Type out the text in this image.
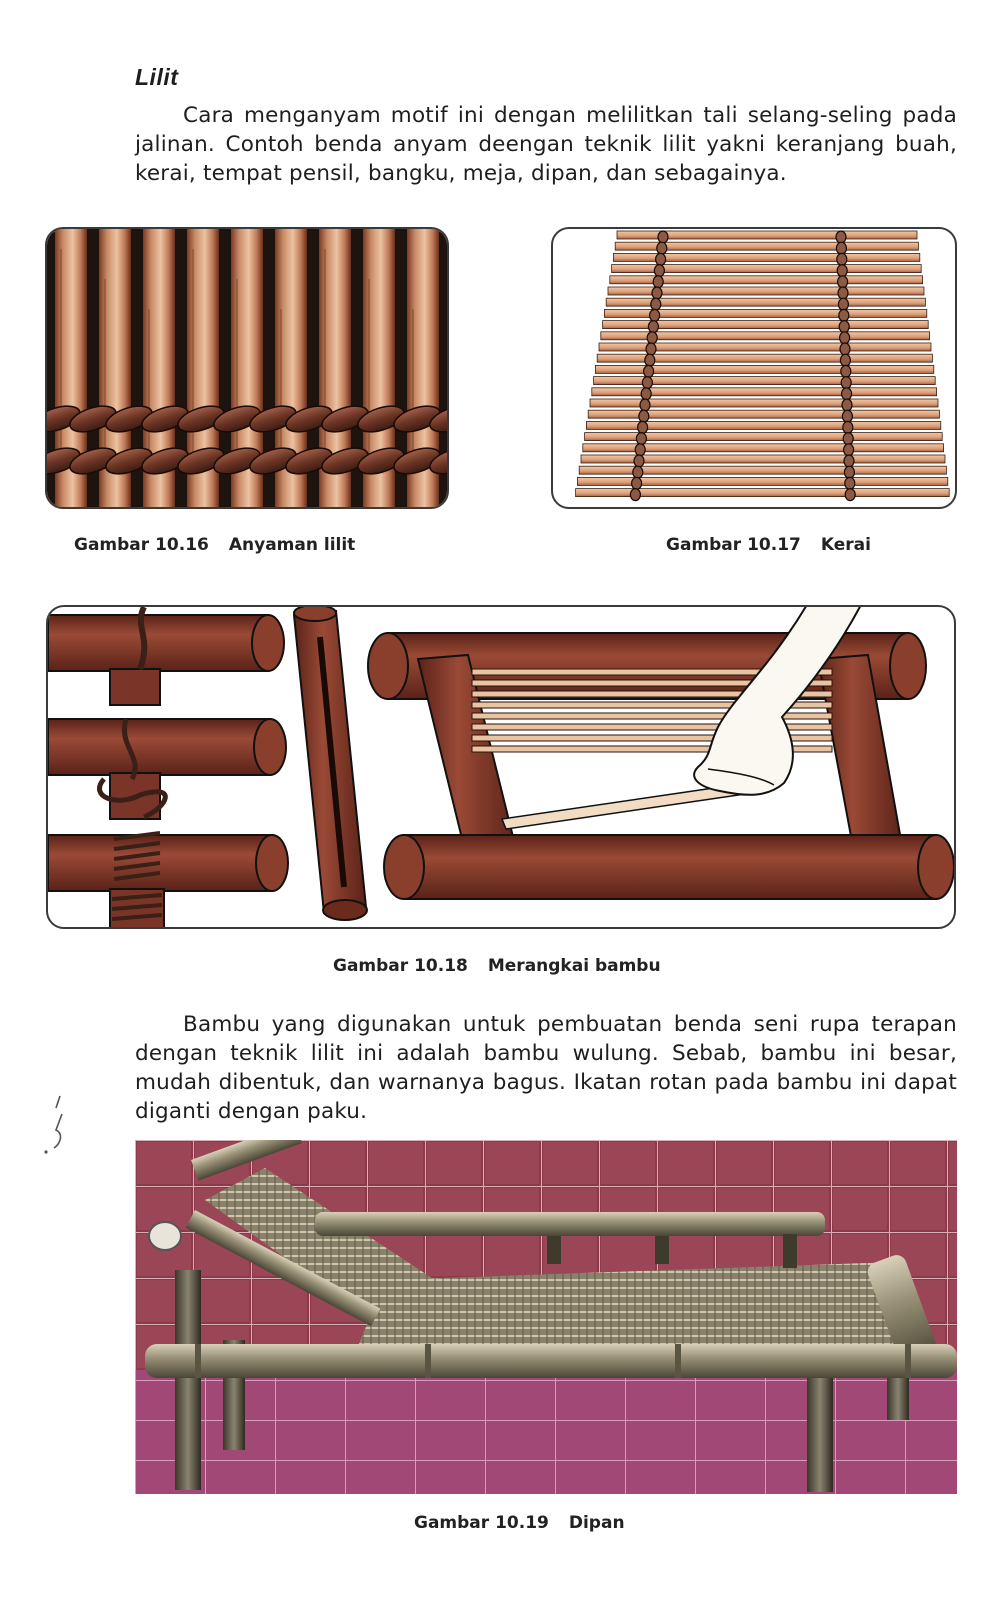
Lilit
Cara menganyam motif ini dengan melilitkan tali selang-seling pada jalinan. Contoh benda anyam deengan teknik lilit yakni keranjang buah, kerai, tempat pensil, bangku, meja, dipan, dan sebagainya.
Gambar 10.16 Anyaman lilit	Gambar 10.17 Kerai
Gambar 10.18 Merangkai bambu
Bambu yang digunakan untuk pembuatan benda seni rupa terapan dengan teknik lilit ini adalah bambu wulung. Sebab, bambu ini besar, mudah dibentuk, dan warnanya bagus. Ikatan rotan pada bambu ini dapat diganti dengan paku.
Gambar 10.19 Dipan
